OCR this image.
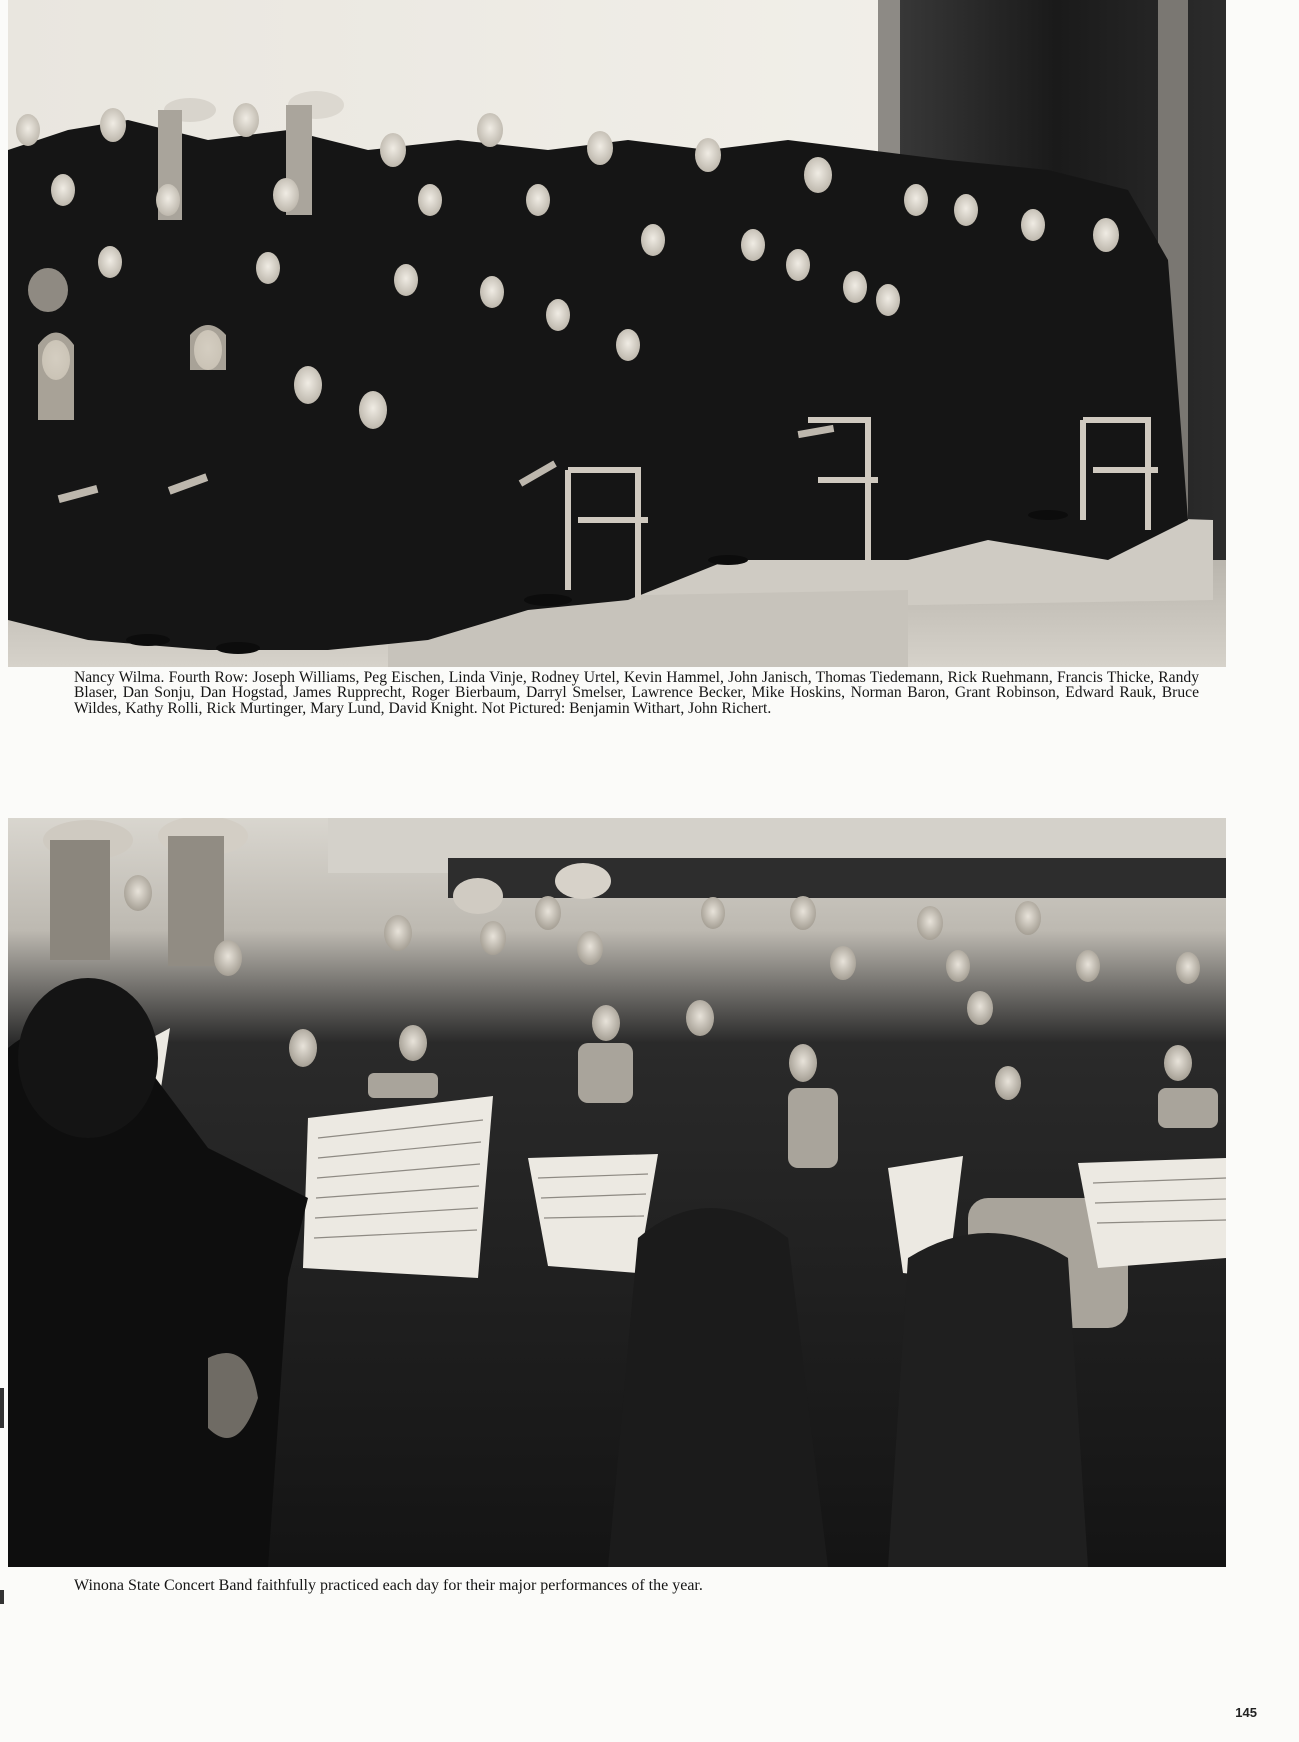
Nancy Wilma. Fourth Row: Joseph Williams, Peg Eischen, Linda Vinje, Rodney Urtel, Kevin Hammel, John Janisch, Thomas Tiedemann, Rick Ruehmann, Francis Thicke, Randy Blaser, Dan Sonju, Dan Hogstad, James Rupprecht, Roger Bierbaum, Darryl Smelser, Lawrence Becker, Mike Hoskins, Norman Baron, Grant Robinson, Edward Rauk, Bruce Wildes, Kathy Rolli, Rick Murtinger, Mary Lund, David Knight. Not Pictured: Benjamin Withart, John Richert.
Winona State Concert Band faithfully practiced each day for their major performances of the year.
145
